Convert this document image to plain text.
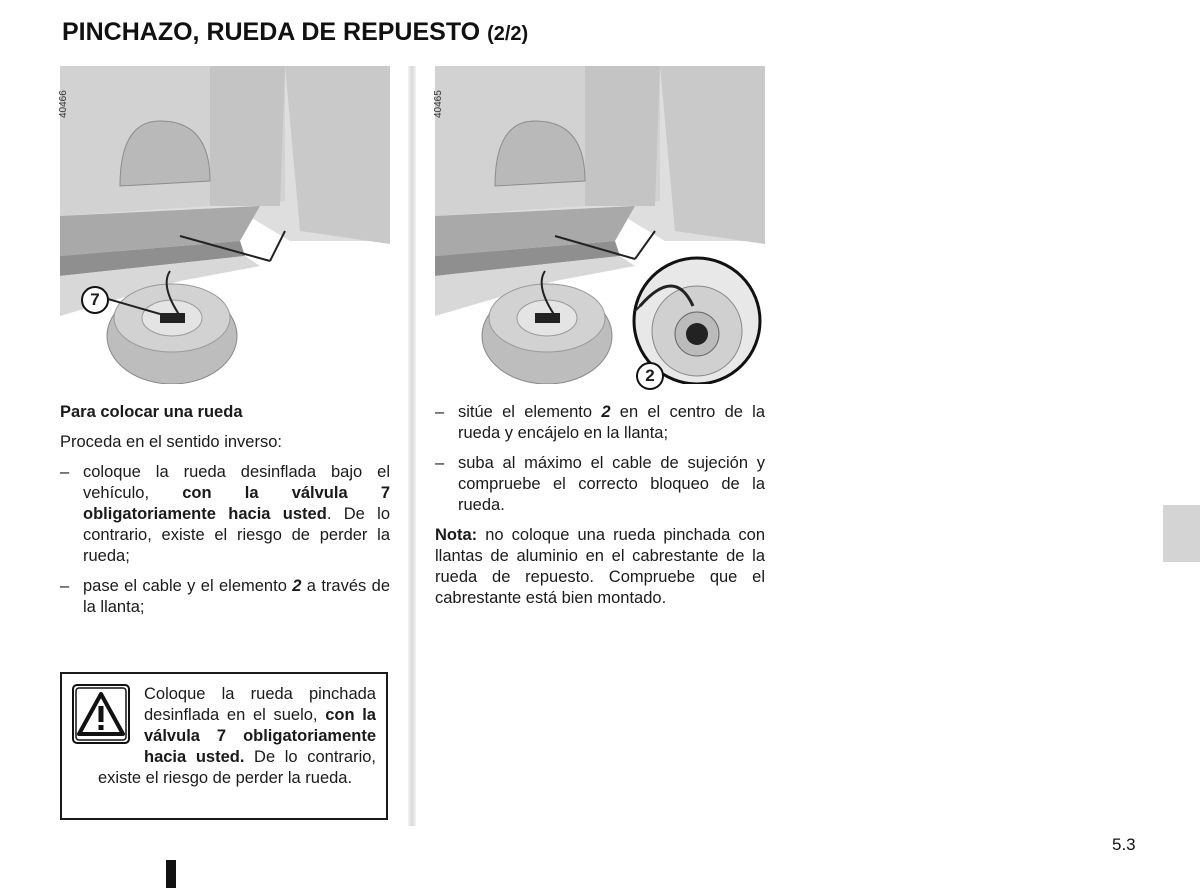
PINCHAZO, RUEDA DE REPUESTO (2/2)
40466
7
40465
2

Para colocar una rueda

Proceda en el sentido inverso:

– coloque la rueda desinflada bajo el vehículo, con la válvula 7 obligatoriamente hacia usted. De lo contrario, existe el riesgo de perder la rueda;
– pase el cable y el elemento 2 a través de la llanta;
– sitúe el elemento 2 en el centro de la rueda y encájelo en la llanta;
– suba al máximo el cable de sujeción y compruebe el correcto bloqueo de la rueda.

Nota: no coloque una rueda pinchada con llantas de aluminio en el cabrestante de la rueda de repuesto. Compruebe que el cabrestante está bien montado.

Coloque la rueda pinchada desinflada en el suelo, con la válvula 7 obligatoriamente hacia usted. De lo contrario, existe el riesgo de perder la rueda.
5.3
